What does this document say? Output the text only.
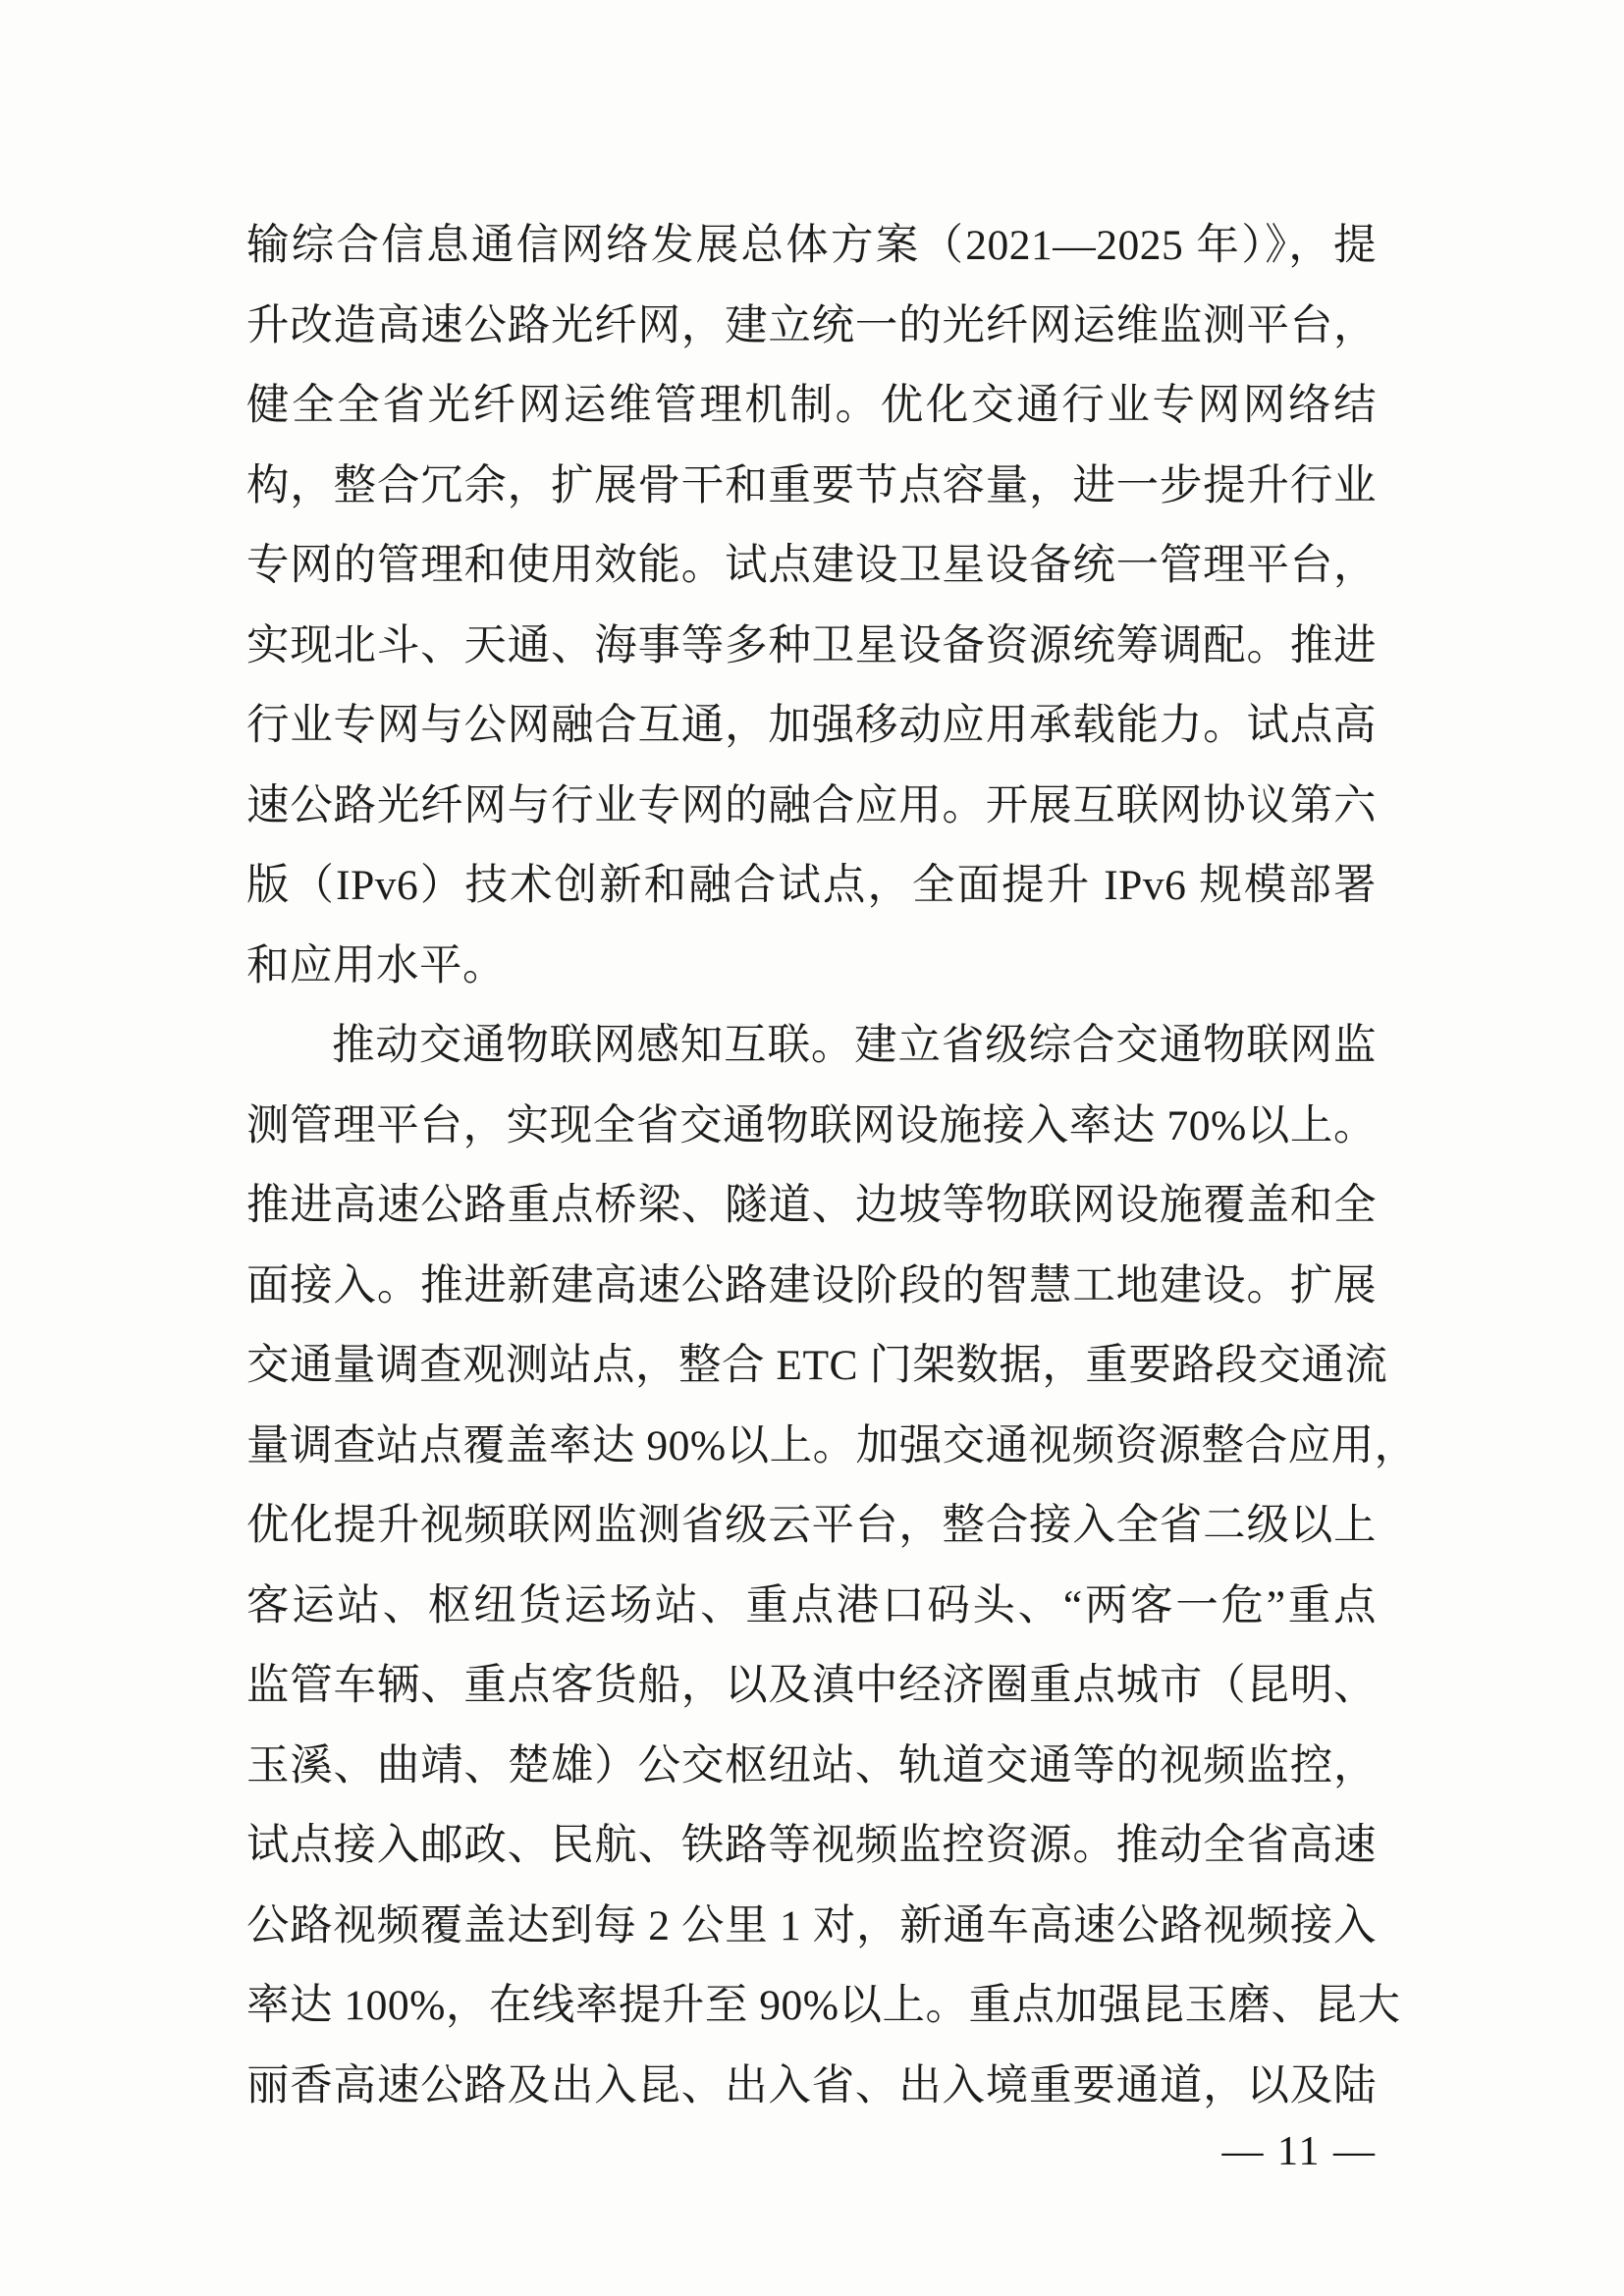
输综合信息通信网络发展总体方案（2021—2025 年）》，提
升改造高速公路光纤网，建立统一的光纤网运维监测平台，
健全全省光纤网运维管理机制。优化交通行业专网网络结
构，整合冗余，扩展骨干和重要节点容量，进一步提升行业
专网的管理和使用效能。试点建设卫星设备统一管理平台，
实现北斗、天通、海事等多种卫星设备资源统筹调配。推进
行业专网与公网融合互通，加强移动应用承载能力。试点高
速公路光纤网与行业专网的融合应用。开展互联网协议第六
版（IPv6）技术创新和融合试点，全面提升 IPv6 规模部署
和应用水平。
推动交通物联网感知互联。建立省级综合交通物联网监
测管理平台，实现全省交通物联网设施接入率达 70%以上。
推进高速公路重点桥梁、隧道、边坡等物联网设施覆盖和全
面接入。推进新建高速公路建设阶段的智慧工地建设。扩展
交通量调查观测站点，整合 ETC 门架数据，重要路段交通流
量调查站点覆盖率达 90%以上。加强交通视频资源整合应用，
优化提升视频联网监测省级云平台，整合接入全省二级以上
客运站、枢纽货运场站、重点港口码头、“两客一危”重点
监管车辆、重点客货船，以及滇中经济圈重点城市（昆明、
玉溪、曲靖、楚雄）公交枢纽站、轨道交通等的视频监控，
试点接入邮政、民航、铁路等视频监控资源。推动全省高速
公路视频覆盖达到每 2 公里 1 对，新通车高速公路视频接入
率达 100%，在线率提升至 90%以上。重点加强昆玉磨、昆大
丽香高速公路及出入昆、出入省、出入境重要通道，以及陆
— 11 —
